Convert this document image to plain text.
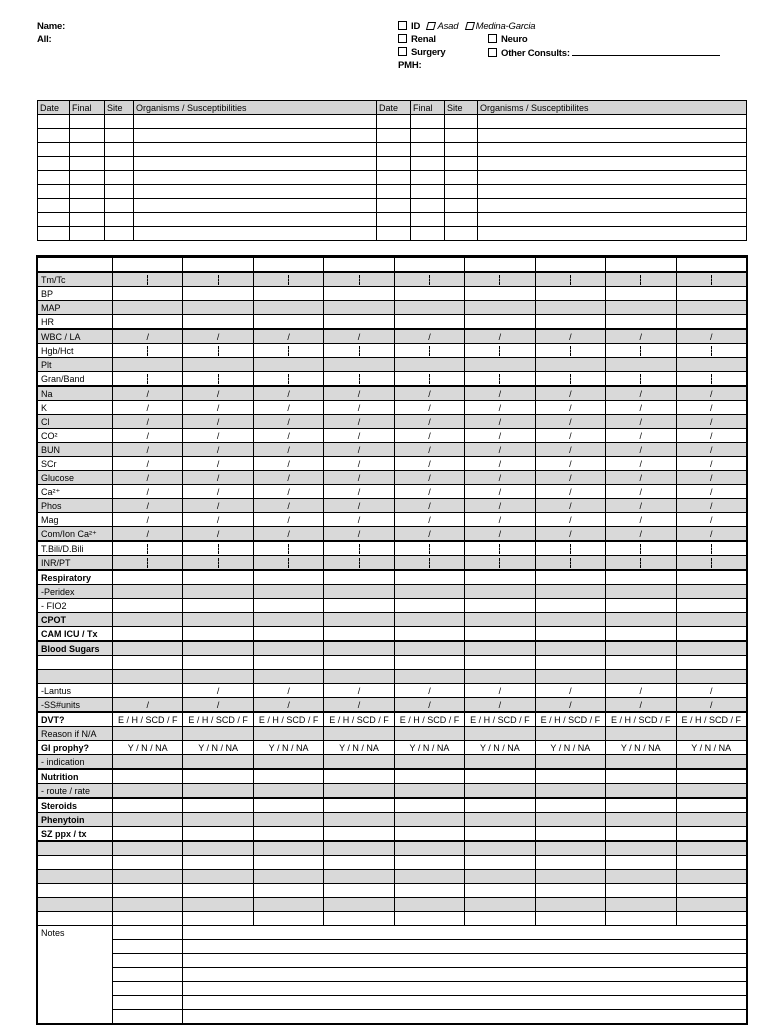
Name:
All:
ID Asad Medina-Garcia
Renal	Neuro
Surgery	Other Consults:
PMH:
Date	Final	Site	Organisms / Susceptibilities	Date	Final	Site	Organisms / Susceptibilites

Tm/Tc									
BP									
MAP									
HR									
WBC / LA	/	/	/	/	/	/	/	/	/
Hgb/Hct									
Plt									
Gran/Band									
Na	/	/	/	/	/	/	/	/	/
K	/	/	/	/	/	/	/	/	/
Cl	/	/	/	/	/	/	/	/	/
CO²	/	/	/	/	/	/	/	/	/
BUN	/	/	/	/	/	/	/	/	/
SCr	/	/	/	/	/	/	/	/	/
Glucose	/	/	/	/	/	/	/	/	/
Ca²⁺	/	/	/	/	/	/	/	/	/
Phos	/	/	/	/	/	/	/	/	/
Mag	/	/	/	/	/	/	/	/	/
Com/Ion Ca²⁺	/	/	/	/	/	/	/	/	/
T.Bili/D.Bili									
INR/PT									
Respiratory									
-Peridex									
- FIO2									
CPOT									
CAM ICU / Tx									
Blood Sugars									

-Lantus		/	/	/	/	/	/	/	/
-SS#units	/	/	/	/	/	/	/	/	/
DVT?	E / H / SCD / F	E / H / SCD / F	E / H / SCD / F	E / H / SCD / F	E / H / SCD / F	E / H / SCD / F	E / H / SCD / F	E / H / SCD / F	E / H / SCD / F
Reason if N/A									
GI prophy?	Y / N / NA	Y / N / NA	Y / N / NA	Y / N / NA	Y / N / NA	Y / N / NA	Y / N / NA	Y / N / NA	Y / N / NA
- indication									
Nutrition									
- route / rate									
Steroids									
Phenytoin									
SZ ppx / tx									

Notes									
